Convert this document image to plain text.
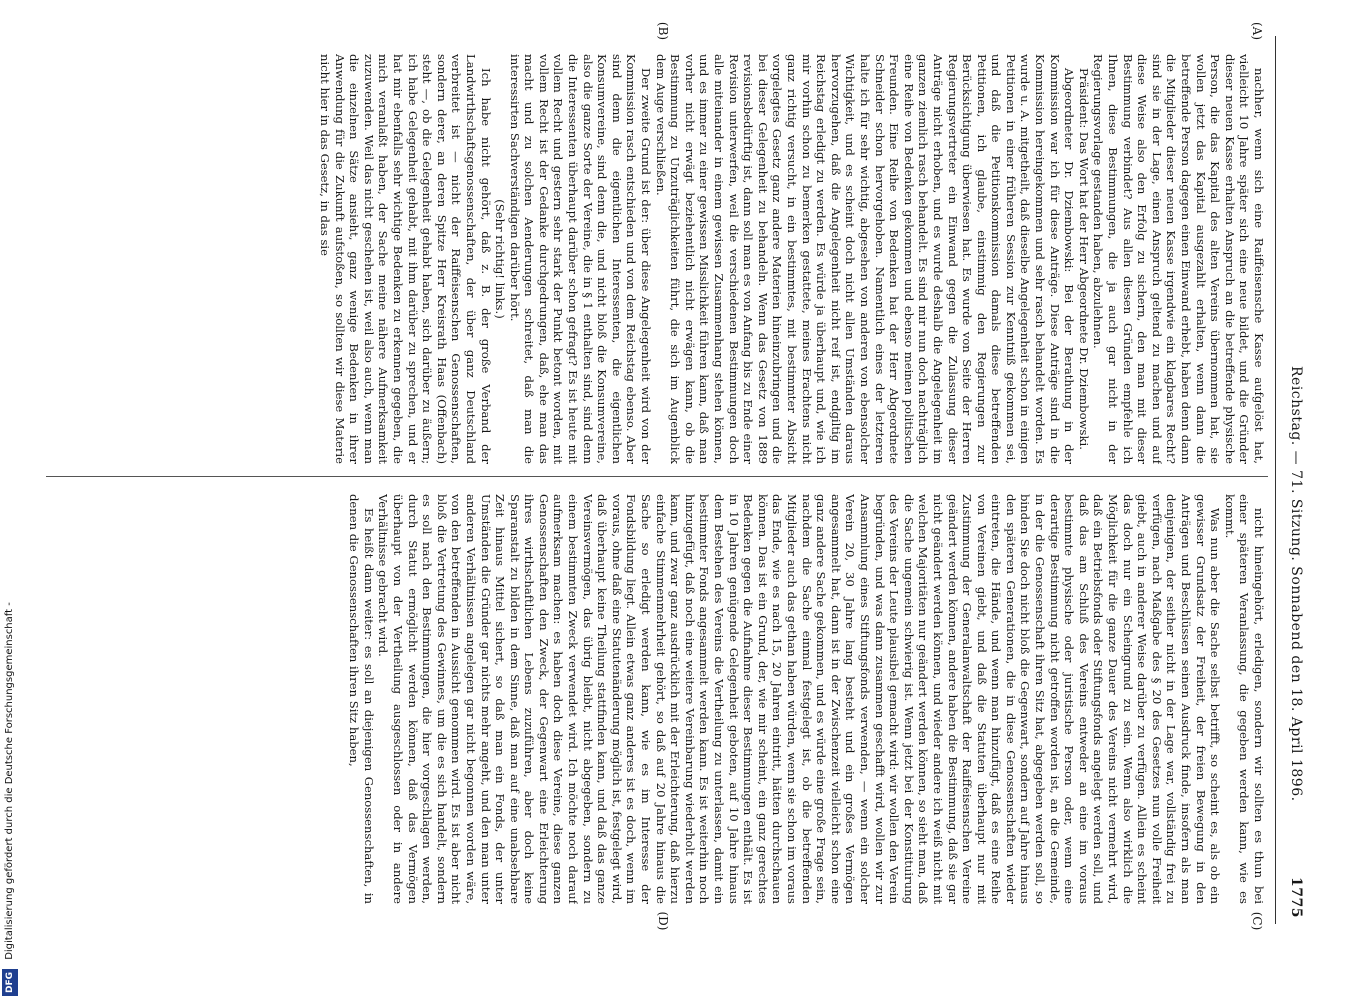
Reichstag. — 71. Sitzung. Sonnabend den 18. April 1896.
1775
(A)
(B)
(C)
(D)

nachher, wenn sich eine Raiffeisensche Kasse aufgelöst hat, vielleicht 10 Jahre später sich eine neue bildet, und die Gründer dieser neuen Kasse erhalten Anspruch an die betreffende physische Person, die das Kapital des alten Vereins übernommen hat, sie wollen jetzt das Kapital ausgezahlt erhalten, wenn dann die betreffende Person dagegen einen Einwand erhebt, haben denn dann die Mitglieder dieser neuen Kasse irgendwie ein klagbares Recht? sind sie in der Lage, einen Anspruch geltend zu machen und auf diese Weise also den Erfolg zu sichern, den man mit dieser Bestimmung verbindet? Aus allen diesen Gründen empfehle ich Ihnen, diese Bestimmungen, die ja auch gar nicht in der Regierungsvorlage gestanden haben, abzulehnen.

Präsident: Das Wort hat der Herr Abgeordnete Dr. Dziembowski.

Abgeordneter Dr. Dziembowski: Bei der Berathung in der Kommission war ich für diese Anträge. Diese Anträge sind in die Kommission hereingekommen und sehr rasch behandelt worden. Es wurde u. A. mitgetheilt, daß dieselbe Angelegenheit schon in einigen Petitionen in einer früheren Session zur Kenntniß gekommen sei, und daß die Petitionskommission damals diese betreffenden Petitionen, ich glaube, einstimmig den Regierungen zur Berücksichtigung überwiesen hat. Es wurde von Seite der Herren Regierungsvertreter ein Einwand gegen die Zulassung dieser Anträge nicht erhoben, und es wurde deshalb die Angelegenheit im ganzen ziemlich rasch behandelt. Es sind mir nun doch nachträglich eine Reihe von Bedenken gekommen und ebenso meinen politischen Freunden. Eine Reihe von Bedenken hat der Herr Abgeordnete Schneider schon hervorgehoben. Namentlich eines der letzteren halte ich für sehr wichtig, abgesehen von anderen von ebensolcher Wichtigkeit, und es scheint doch nicht allen Umständen daraus hervorzugehen, daß die Angelegenheit nicht reif ist, endgiltig im Reichstag erledigt zu werden. Es würde ja überhaupt und, wie ich mir vorhin schon zu bemerken gestattete, meines Erachtens nicht ganz richtig versucht, in ein bestimmtes, mit bestimmter Absicht vorgelegtes Gesetz ganz andere Materien hineinzubringen und die bei dieser Gelegenheit zu behandeln. Wenn das Gesetz von 1889 revisionsbedürftig ist, dann soll man es von Anfang bis zu Ende einer Revision unterwerfen, weil die verschiedenen Bestimmungen doch alle miteinander in einem gewissen Zusammenhang stehen können, und es immer zu einer gewissen Misslichkeit führen kann, daß man vorher nicht erwägt beziehentlich nicht erwägen kann, ob die Bestimmung zu Unzuträglichkeiten führt, die sich im Augenblick dem Auge verschließen.

Der zweite Grund ist der: über diese Angelegenheit wird von der Kommission rasch entschieden und von dem Reichstag ebenso. Aber sind denn die eigentlichen Interessenten, die eigentlichen Konsumvereine, sind denn die, und nicht bloß die Konsumvereine, also die ganze Sorte der Vereine, die in § 1 enthalten sind, sind denn die Interessenten überhaupt darüber schon gefragt? Es ist heute mit vollem Recht und gestern sehr stark der Punkt betont worden, mit vollem Recht ist der Gedanke durchgedrungen, daß, ehe man das macht und zu solchen Aenderungen schreitet, daß man die interessirten Sachverständigen darüber hört.

(Sehr richtig! links.)

Ich habe nicht gehört, daß z. B. der große Verband der Landwirthschaftsgenossenschaften, der über ganz Deutschland verbreitet ist — nicht der Raiffeisenschen Genossenschaften, sondern derer, an deren Spitze Herr Kreisrath Haas (Offenbach) steht —, ob die Gelegenheit gehabt haben, sich darüber zu äußern; ich habe Gelegenheit gehabt, mit ihm darüber zu sprechen, und er hat mir ebenfalls sehr wichtige Bedenken zu erkennen gegeben, die mich veranlaßt haben, der Sache meine nähere Aufmerksamkeit zuzuwenden. Weil das nicht geschehen ist, weil also auch, wenn man die einzelnen Sätze ansieht, ganz wenige Bedenken in ihrer Anwendung für die Zukunft aufstoßen, so sollten wir diese Materie nicht hier in das Gesetz, in das sie

nicht hineingehört, erledigen, sondern wir sollten es thun bei einer späteren Veranlassung, die gegeben werden kann, wie es kommt.

Was nun aber die Sache selbst betrifft, so scheint es, als ob ein gewisser Grundsatz der Freiheit, der freien Bewegung in den Anträgen und Beschlüssen seinen Ausdruck finde, insofern als man denjenigen, der seither nicht in der Lage war, vollständig frei zu verfügen, nach Maßgabe des § 20 des Gesetzes nun volle Freiheit giebt, auch in anderer Weise darüber zu verfügen. Allein es scheint das doch nur ein Scheingrund zu sein. Wenn also wirklich die Möglichkeit für die ganze Dauer des Vereins nicht vermehrt wird, daß ein Betriebsfonds oder Stiftungsfonds angelegt werden soll, und daß das am Schluß des Vereins entweder an eine im voraus bestimmte physische oder juristische Person oder, wenn eine derartige Bestimmung nicht getroffen worden ist, an die Gemeinde, in der die Genossenschaft ihren Sitz hat, abgegeben werden soll, so binden Sie doch nicht bloß die Gegenwart, sondern auf Jahre hinaus den späteren Generationen, die in diese Genossenschaften wieder eintreten, die Hände, und wenn man hinzufügt, daß es eine Reihe von Vereinen giebt, und daß die Statuten überhaupt nur mit Zustimmung der Generalanwaltschaft der Raiffeisenschen Vereine geändert werden können, andere haben die Bestimmung, daß sie gar nicht geändert werden können, und wieder andere ich weiß nicht mit welchen Majoritäten nur geändert werden können, so sieht man, daß die Sache ungemein schwierig ist. Wenn jetzt bei der Konstituirung des Vereins der Leute plausibel gemacht wird: wir wollen den Verein begründen, und was dann zusammen geschafft wird, wollen wir zur Ansammlung eines Stiftungsfonds verwenden, — wenn ein solcher Verein 20, 30 Jahre lang besteht und ein großes Vermögen angesammelt hat, dann ist in der Zwischenzeit vielleicht schon eine ganz andere Sache gekommen, und es würde eine große Frage sein, nachdem die Sache einmal festgelegt ist, ob die betreffenden Mitglieder auch das gethan haben würden, wenn sie schon im voraus das Ende, wie es nach 15, 20 Jahren eintritt, hätten durchschauen können. Das ist ein Grund, der, wie mir scheint, ein ganz gerechtes Bedenken gegen die Aufnahme dieser Bestimmungen enthält. Es ist in 10 Jahren genügende Gelegenheit geboten, auf 10 Jahre hinaus dem Bestehen des Vereins die Vertheilung zu unterlassen, damit ein bestimmter Fonds angesammelt werden kann. Es ist weiterhin noch hinzugefügt, daß noch eine weitere Vereinbarung wiederholt werden kann, und zwar ganz ausdrücklich mit der Erleichterung, daß hierzu einfache Stimmenmehrheit gehört, so daß auf 20 Jahre hinaus die Sache so erledigt werden kann, wie es im Interesse der Fondsbildung liegt. Allein etwas ganz anderes ist es doch, wenn im voraus, ohne daß eine Statutenänderung möglich ist, festgelegt wird, daß überhaupt keine Theilung stattfinden kann, und daß das ganze Vereinsvermögen, das übrig bleibt, nicht abgegeben, sondern zu einem bestimmten Zweck verwendet wird. Ich möchte noch darauf aufmerksam machen: es haben doch diese Vereine, diese ganzen Genossenschaften den Zweck, der Gegenwart eine Erleichterung ihres wirthschaftlichen Lebens zuzuführen, aber doch keine Sparanstalt zu bilden in dem Sinne, daß man auf eine unabsehbare Zeit hinaus Mittel sichert, so daß man ein Fonds, der unter Umständen die Gründer gar nichts mehr angeht, und den man unter anderen Verhältnissen angelegen gar nicht begonnen worden wäre, von den betreffenden in Aussicht genommen wird. Es ist aber nicht bloß die Vertretung des Gewinnes, um die es sich handelt, sondern es soll nach den Bestimmungen, die hier vorgeschlagen werden, durch Statut ermöglicht werden können, daß das Vermögen überhaupt von der Vertheilung ausgeschlossen oder in andere Verhältnisse gebracht wird.

Es heißt dann weiter: es soll an diejenigen Genossenschaften, in denen die Genossenschaften ihren Sitz haben,

DFG Digitalisierung gefördert durch die Deutsche Forschungsgemeinschaft -
